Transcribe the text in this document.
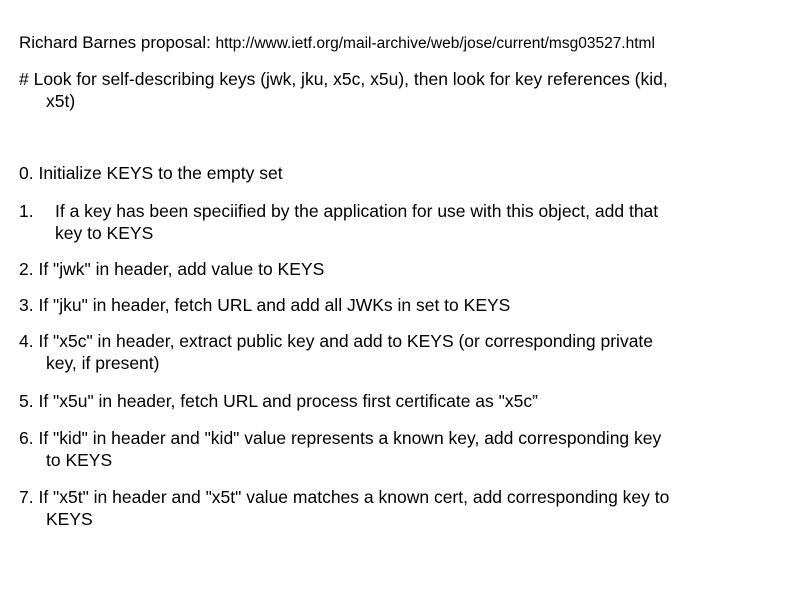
Richard Barnes proposal: http://www.ietf.org/mail-archive/web/jose/current/msg03527.html
# Look for self-describing keys (jwk, jku, x5c, x5u), then look for key references (kid,
x5t)
0. Initialize KEYS to the empty set
1. If a key has been speciified by the application for use with this object, add that
key to KEYS
2. If "jwk" in header, add value to KEYS
3. If "jku" in header, fetch URL and add all JWKs in set to KEYS
4. If "x5c" in header, extract public key and add to KEYS (or corresponding private
key, if present)
5. If "x5u" in header, fetch URL and process first certificate as "x5c”
6. If "kid" in header and "kid" value represents a known key, add corresponding key
to KEYS
7. If "x5t" in header and "x5t" value matches a known cert, add corresponding key to
KEYS
